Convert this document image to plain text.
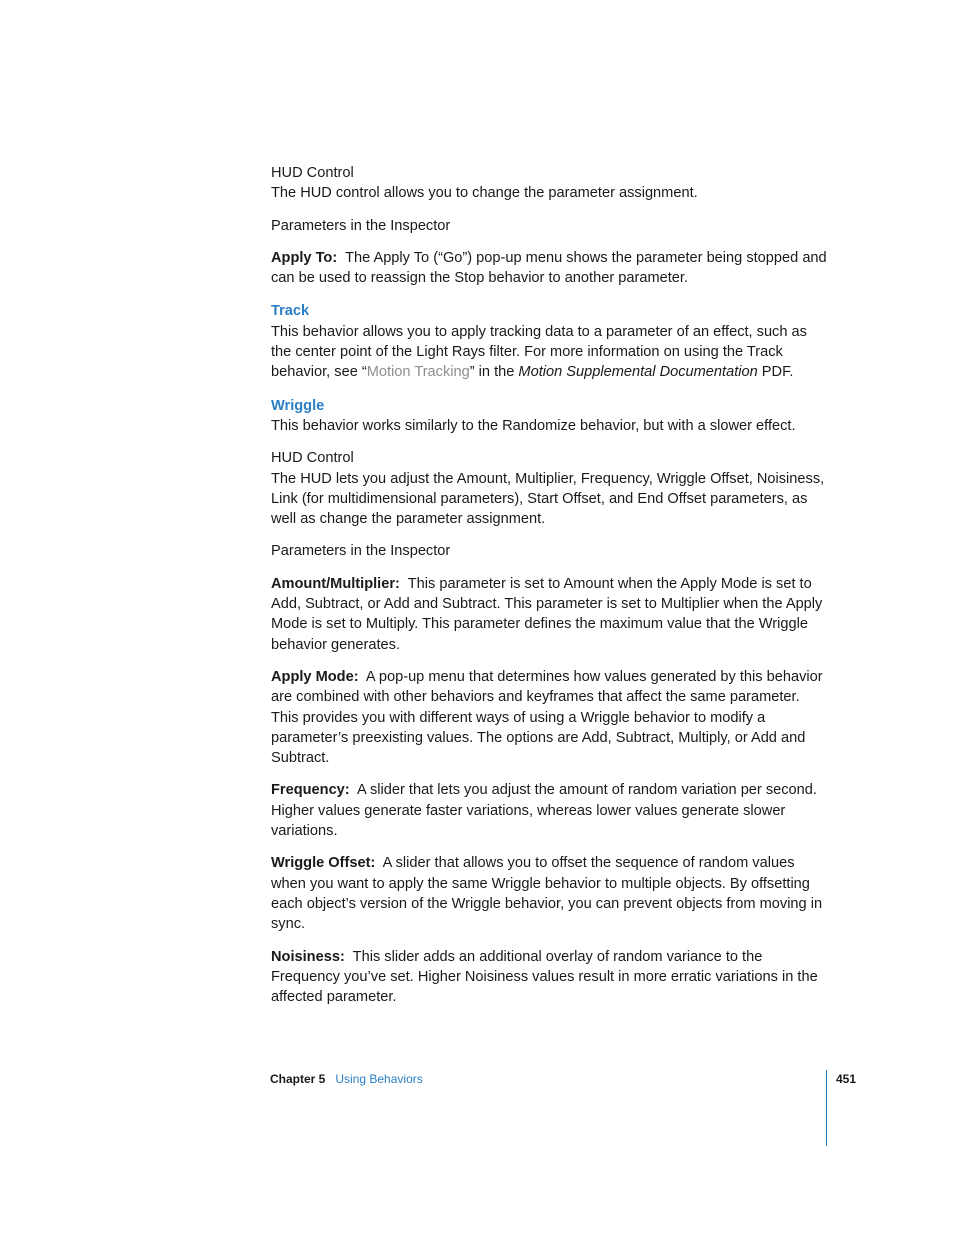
HUD Control

The HUD control allows you to change the parameter assignment.

Parameters in the Inspector

Apply To: The Apply To (“Go”) pop-up menu shows the parameter being stopped and can be used to reassign the Stop behavior to another parameter.

Track

This behavior allows you to apply tracking data to a parameter of an effect, such as the center point of the Light Rays filter. For more information on using the Track behavior, see “Motion Tracking” in the Motion Supplemental Documentation PDF.

Wriggle

This behavior works similarly to the Randomize behavior, but with a slower effect.

HUD Control

The HUD lets you adjust the Amount, Multiplier, Frequency, Wriggle Offset, Noisiness, Link (for multidimensional parameters), Start Offset, and End Offset parameters, as well as change the parameter assignment.

Parameters in the Inspector

Amount/Multiplier: This parameter is set to Amount when the Apply Mode is set to Add, Subtract, or Add and Subtract. This parameter is set to Multiplier when the Apply Mode is set to Multiply. This parameter defines the maximum value that the Wriggle behavior generates.

Apply Mode: A pop-up menu that determines how values generated by this behavior are combined with other behaviors and keyframes that affect the same parameter. This provides you with different ways of using a Wriggle behavior to modify a parameter’s preexisting values. The options are Add, Subtract, Multiply, or Add and Subtract.

Frequency: A slider that lets you adjust the amount of random variation per second. Higher values generate faster variations, whereas lower values generate slower variations.

Wriggle Offset: A slider that allows you to offset the sequence of random values when you want to apply the same Wriggle behavior to multiple objects. By offsetting each object’s version of the Wriggle behavior, you can prevent objects from moving in sync.

Noisiness: This slider adds an additional overlay of random variance to the Frequency you’ve set. Higher Noisiness values result in more erratic variations in the affected parameter.

Chapter 5 Using Behaviors	451
